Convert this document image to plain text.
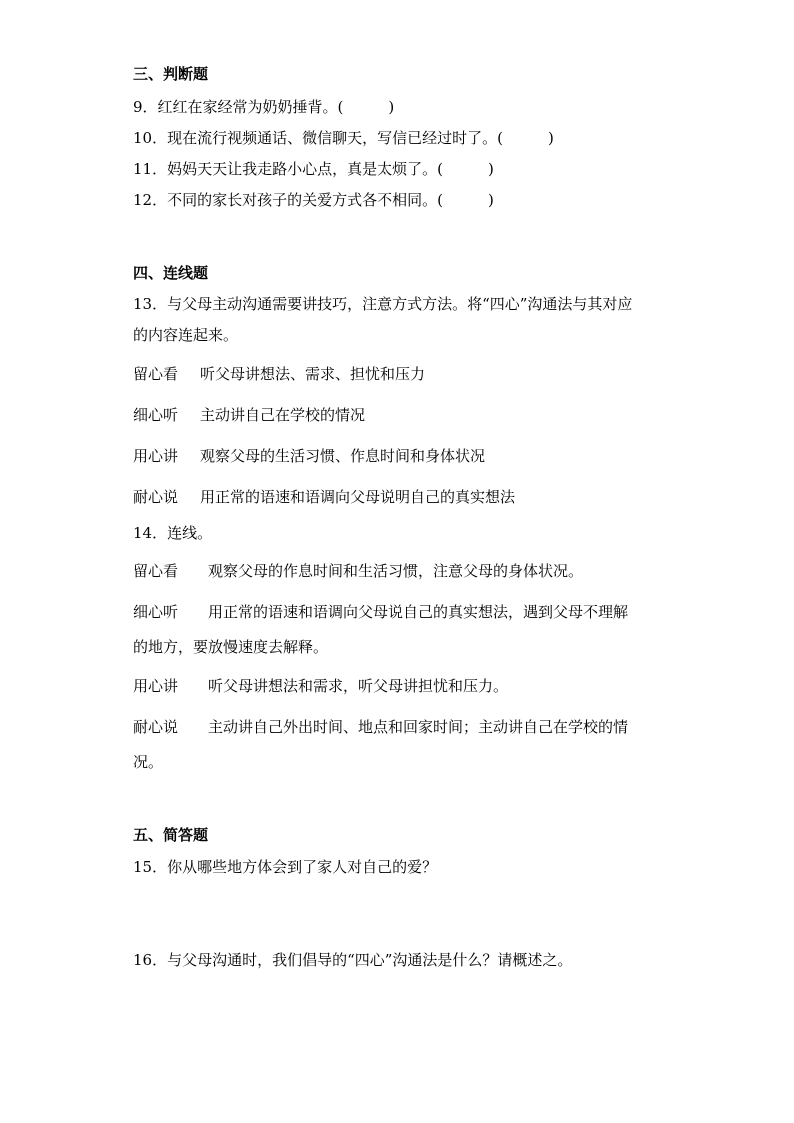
三、判断题
9．红红在家经常为奶奶捶背。(　　　)
10．现在流行视频通话、微信聊天，写信已经过时了。(　　　)
11．妈妈天天让我走路小心点，真是太烦了。(　　　)
12．不同的家长对孩子的关爱方式各不相同。(　　　)
四、连线题
13．与父母主动沟通需要讲技巧，注意方式方法。将“四心”沟通法与其对应
的内容连起来。
留心看 听父母讲想法、需求、担忧和压力
细心听 主动讲自己在学校的情况
用心讲 观察父母的生活习惯、作息时间和身体状况
耐心说 用正常的语速和语调向父母说明自己的真实想法
14．连线。
留心看 观察父母的作息时间和生活习惯，注意父母的身体状况。
细心听 用正常的语速和语调向父母说自己的真实想法，遇到父母不理解
的地方，要放慢速度去解释。
用心讲 听父母讲想法和需求，听父母讲担忧和压力。
耐心说 主动讲自己外出时间、地点和回家时间；主动讲自己在学校的情
况。
五、简答题
15．你从哪些地方体会到了家人对自己的爱？
16．与父母沟通时，我们倡导的“四心”沟通法是什么？请概述之。
